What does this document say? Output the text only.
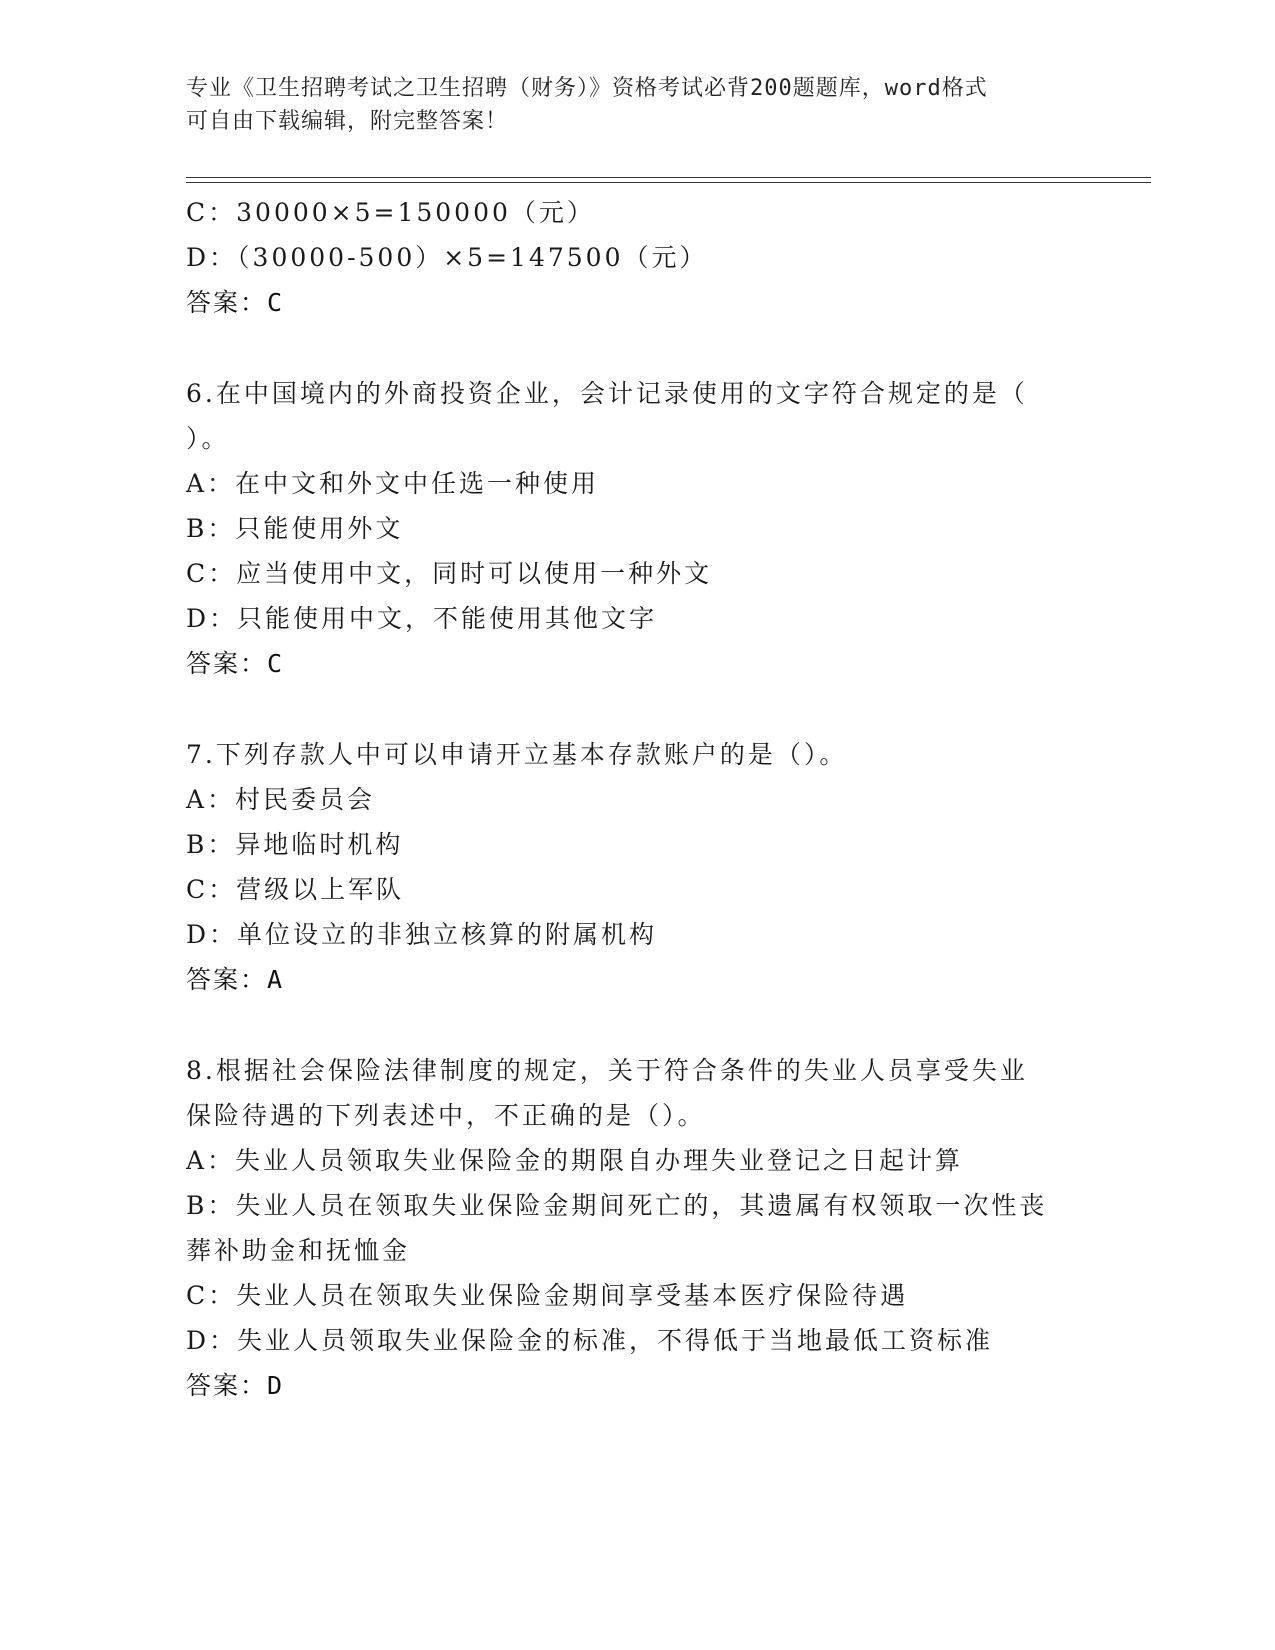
专业《卫生招聘考试之卫生招聘（财务）》资格考试必背200题题库，word格式
可自由下载编辑，附完整答案！
C：30000×5=150000（元）
D：（30000-500）×5=147500（元）
答案：C
6.在中国境内的外商投资企业，会计记录使用的文字符合规定的是（
）。
A：在中文和外文中任选一种使用
B：只能使用外文
C：应当使用中文，同时可以使用一种外文
D：只能使用中文，不能使用其他文字
答案：C
7.下列存款人中可以申请开立基本存款账户的是（）。
A：村民委员会
B：异地临时机构
C：营级以上军队
D：单位设立的非独立核算的附属机构
答案：A
8.根据社会保险法律制度的规定，关于符合条件的失业人员享受失业
保险待遇的下列表述中，不正确的是（）。
A：失业人员领取失业保险金的期限自办理失业登记之日起计算
B：失业人员在领取失业保险金期间死亡的，其遗属有权领取一次性丧
葬补助金和抚恤金
C：失业人员在领取失业保险金期间享受基本医疗保险待遇
D：失业人员领取失业保险金的标准，不得低于当地最低工资标准
答案：D
